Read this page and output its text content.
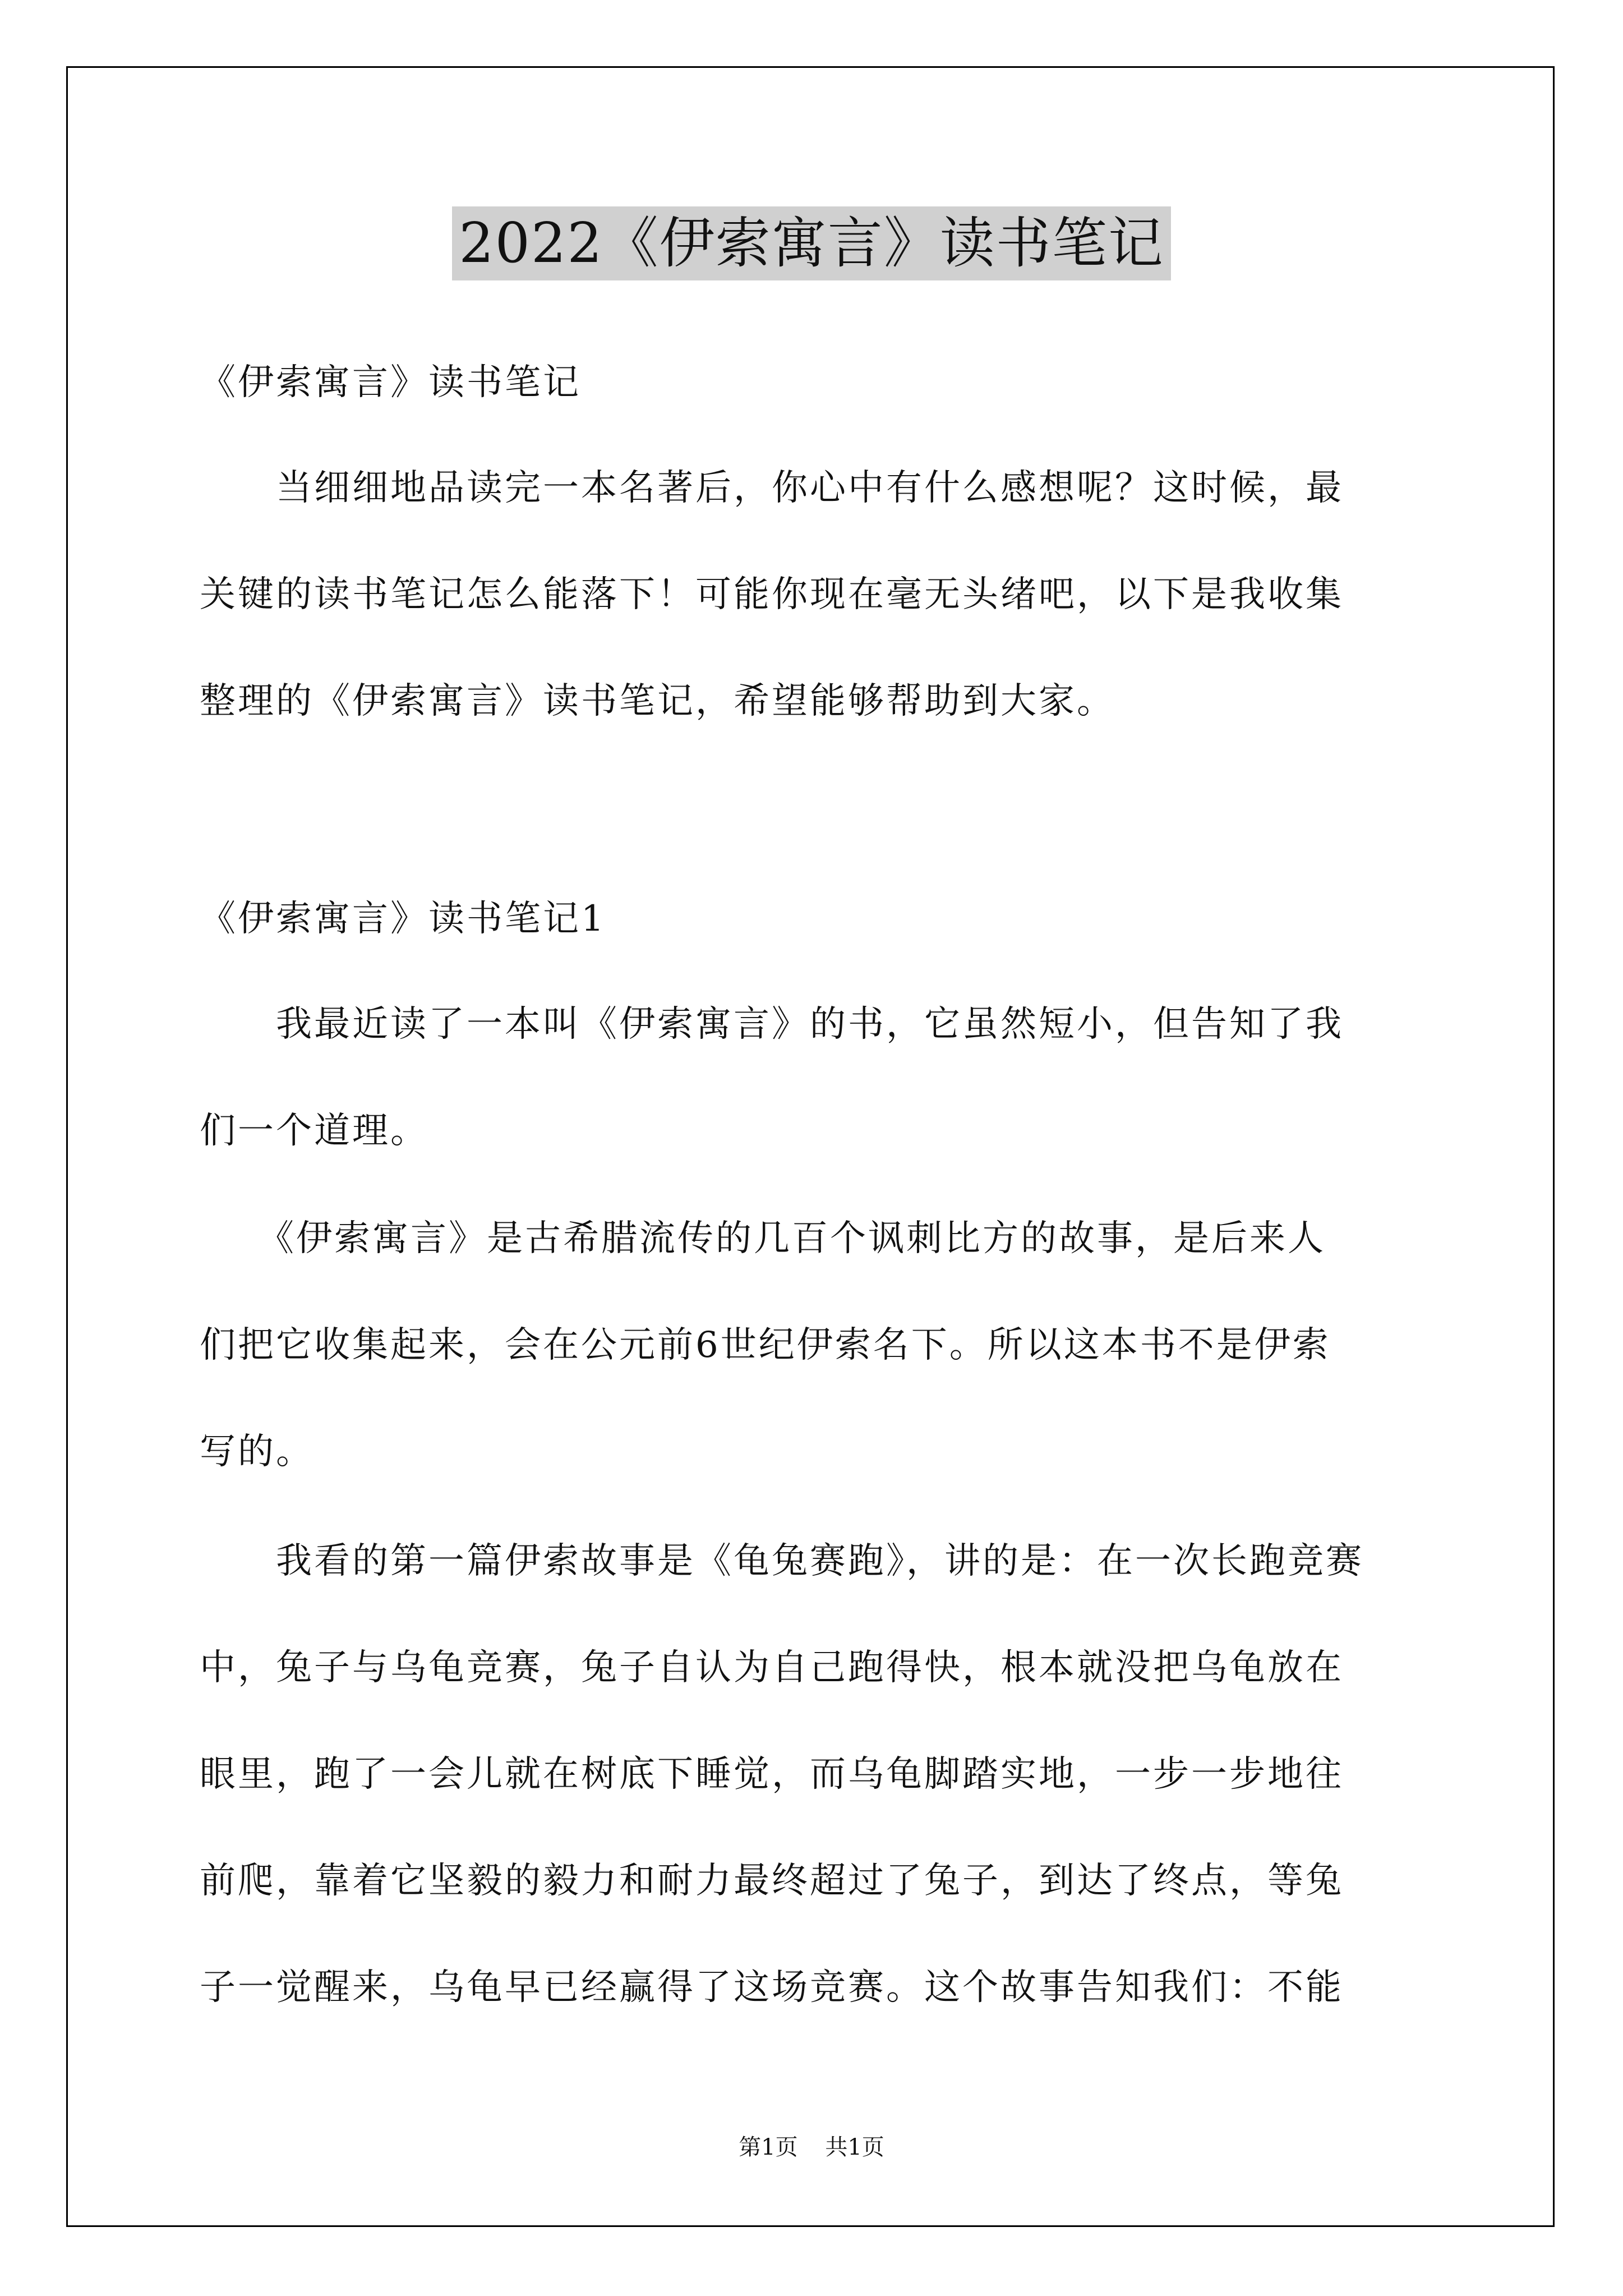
2022《伊索寓言》读书笔记
《伊索寓言》读书笔记
　　当细细地品读完一本名著后，你心中有什么感想呢？这时候，最
关键的读书笔记怎么能落下！可能你现在毫无头绪吧，以下是我收集
整理的《伊索寓言》读书笔记，希望能够帮助到大家。
《伊索寓言》读书笔记1
　　我最近读了一本叫《伊索寓言》的书，它虽然短小，但告知了我
们一个道理。
　　《伊索寓言》是古希腊流传的几百个讽刺比方的故事，是后来人
们把它收集起来，会在公元前6世纪伊索名下。所以这本书不是伊索
写的。
　　我看的第一篇伊索故事是《龟兔赛跑》，讲的是：在一次长跑竞赛
中，兔子与乌龟竞赛，兔子自认为自己跑得快，根本就没把乌龟放在
眼里，跑了一会儿就在树底下睡觉，而乌龟脚踏实地，一步一步地往
前爬，靠着它坚毅的毅力和耐力最终超过了兔子，到达了终点，等兔
子一觉醒来，乌龟早已经赢得了这场竞赛。这个故事告知我们：不能
第1页 共1页
